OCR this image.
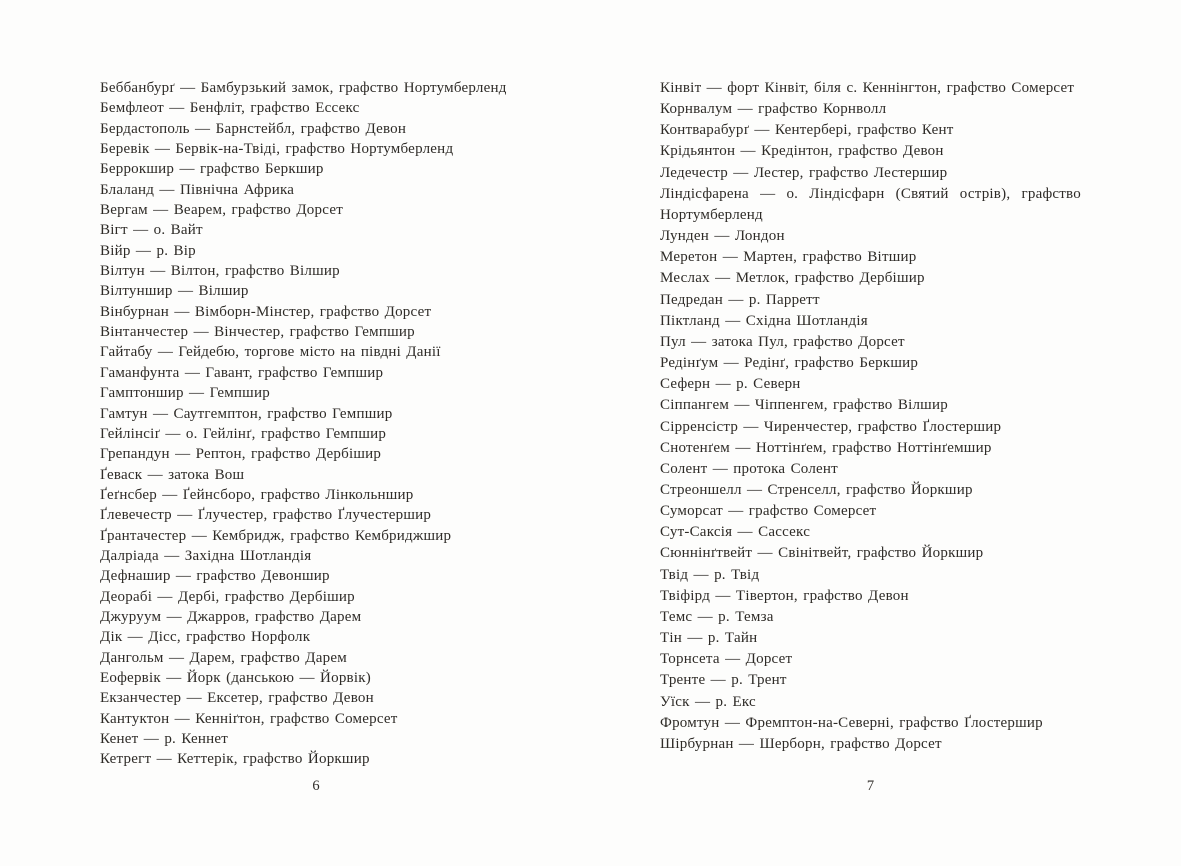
Беббанбурґ — Бамбурзький замок, графство Нортумберленд
Бемфлеот — Бенфліт, графство Ессекс
Бердастополь — Барнстейбл, графство Девон
Беревік — Бервік-на-Твіді, графство Нортумберленд
Беррокшир — графство Беркшир
Блаланд — Північна Африка
Вергам — Веарем, графство Дорсет
Вігт — о. Вайт
Війр — р. Вір
Вілтун — Вілтон, графство Вілшир
Вілтуншир — Вілшир
Вінбурнан — Вімборн-Мінстер, графство Дорсет
Вінтанчестер — Вінчестер, графство Гемпшир
Гайтабу — Гейдебю, торгове місто на півдні Данії
Гаманфунта — Гавант, графство Гемпшир
Гамптоншир — Гемпшир
Гамтун — Саутгемптон, графство Гемпшир
Гейлінсіґ — о. Гейлінґ, графство Гемпшир
Грепандун — Рептон, графство Дербішир
Ґеваск — затока Вош
Ґеґнсбер — Ґейнсборо, графство Лінкольншир
Ґлевечестр — Ґлучестер, графство Ґлучестершир
Ґрантачестер — Кембридж, графство Кембриджшир
Далріада — Західна Шотландія
Дефнашир — графство Девоншир
Деорабі — Дербі, графство Дербішир
Джуруум — Джарров, графство Дарем
Дік — Дісс, графство Норфолк
Дангольм — Дарем, графство Дарем
Еофервік — Йорк (данською — Йорвік)
Екзанчестер — Ексетер, графство Девон
Кантуктон — Кенніґтон, графство Сомерсет
Кенет — р. Кеннет
Кетрегт — Кеттерік, графство Йоркшир
6
Кінвіт — форт Кінвіт, біля с. Кеннінгтон, графство Сомерсет
Корнвалум — графство Корнволл
Контварабурґ — Кентербері, графство Кент
Крідьянтон — Кредінтон, графство Девон
Ледечестр — Лестер, графство Лестершир
Ліндісфарена — о. Ліндісфарн (Святий острів), графство Нортумберленд
Лунден — Лондон
Меретон — Мартен, графство Вітшир
Меслах — Метлок, графство Дербішир
Педредан — р. Парретт
Піктланд — Східна Шотландія
Пул — затока Пул, графство Дорсет
Редінґум — Редінґ, графство Беркшир
Сеферн — р. Северн
Сіппангем — Чіппенгем, графство Вілшир
Сірренсістр — Чиренчестер, графство Ґлостершир
Снотенґем — Ноттінґем, графство Ноттінґемшир
Солент — протока Солент
Стреоншелл — Стренселл, графство Йоркшир
Суморсат — графство Сомерсет
Сут-Саксія — Сассекс
Сюннінґтвейт — Свінітвейт, графство Йоркшир
Твід — р. Твід
Твіфірд — Тівертон, графство Девон
Темс — р. Темза
Тін — р. Тайн
Торнсета — Дорсет
Тренте — р. Трент
Уїск — р. Екс
Фромтун — Фремптон-на-Северні, графство Ґлостершир
Шірбурнан — Шерборн, графство Дорсет
7
